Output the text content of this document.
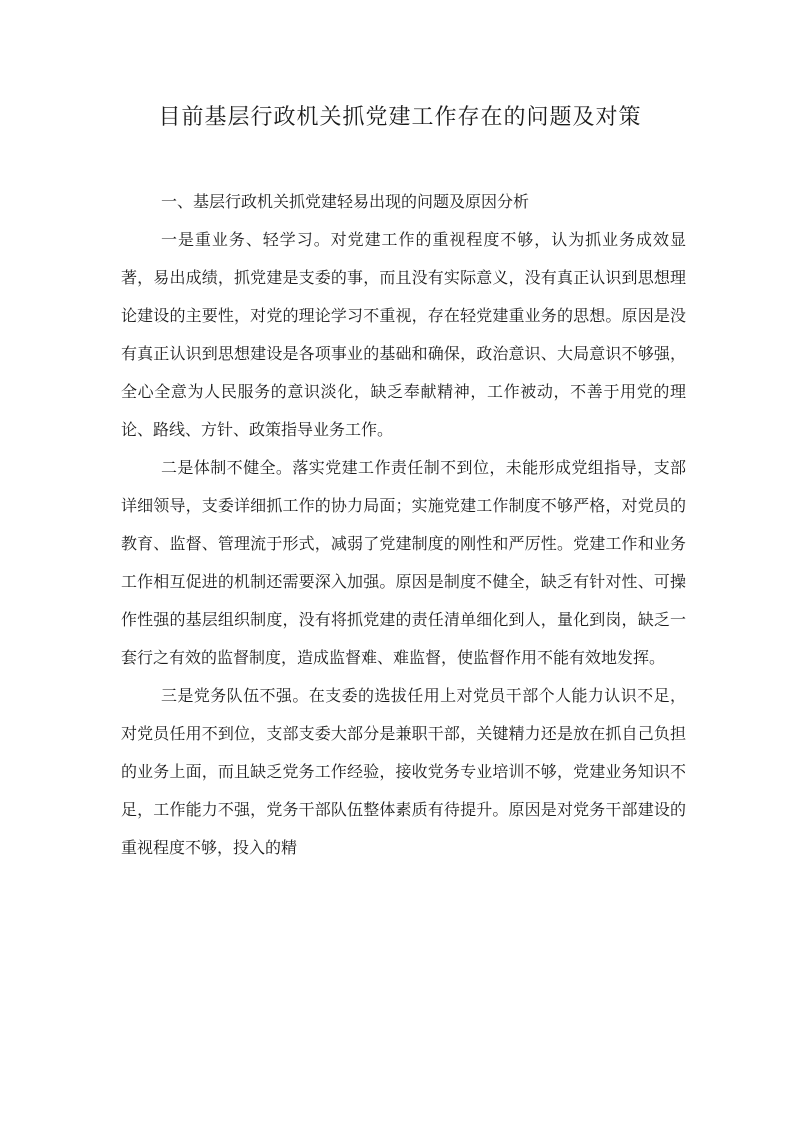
目前基层行政机关抓党建工作存在的问题及对策

一、基层行政机关抓党建轻易出现的问题及原因分析

一是重业务、轻学习。对党建工作的重视程度不够，认为抓业务成效显著，易出成绩，抓党建是支委的事，而且没有实际意义，没有真正认识到思想理论建设的主要性，对党的理论学习不重视，存在轻党建重业务的思想。原因是没有真正认识到思想建设是各项事业的基础和确保，政治意识、大局意识不够强，全心全意为人民服务的意识淡化，缺乏奉献精神，工作被动，不善于用党的理论、路线、方针、政策指导业务工作。

二是体制不健全。落实党建工作责任制不到位，未能形成党组指导，支部详细领导，支委详细抓工作的协力局面；实施党建工作制度不够严格，对党员的教育、监督、管理流于形式，减弱了党建制度的刚性和严厉性。党建工作和业务工作相互促进的机制还需要深入加强。原因是制度不健全，缺乏有针对性、可操作性强的基层组织制度，没有将抓党建的责任清单细化到人，量化到岗，缺乏一套行之有效的监督制度，造成监督难、难监督，使监督作用不能有效地发挥。

三是党务队伍不强。在支委的选拔任用上对党员干部个人能力认识不足，对党员任用不到位，支部支委大部分是兼职干部，关键精力还是放在抓自己负担的业务上面，而且缺乏党务工作经验，接收党务专业培训不够，党建业务知识不足，工作能力不强，党务干部队伍整体素质有待提升。原因是对党务干部建设的重视程度不够，投入的精
